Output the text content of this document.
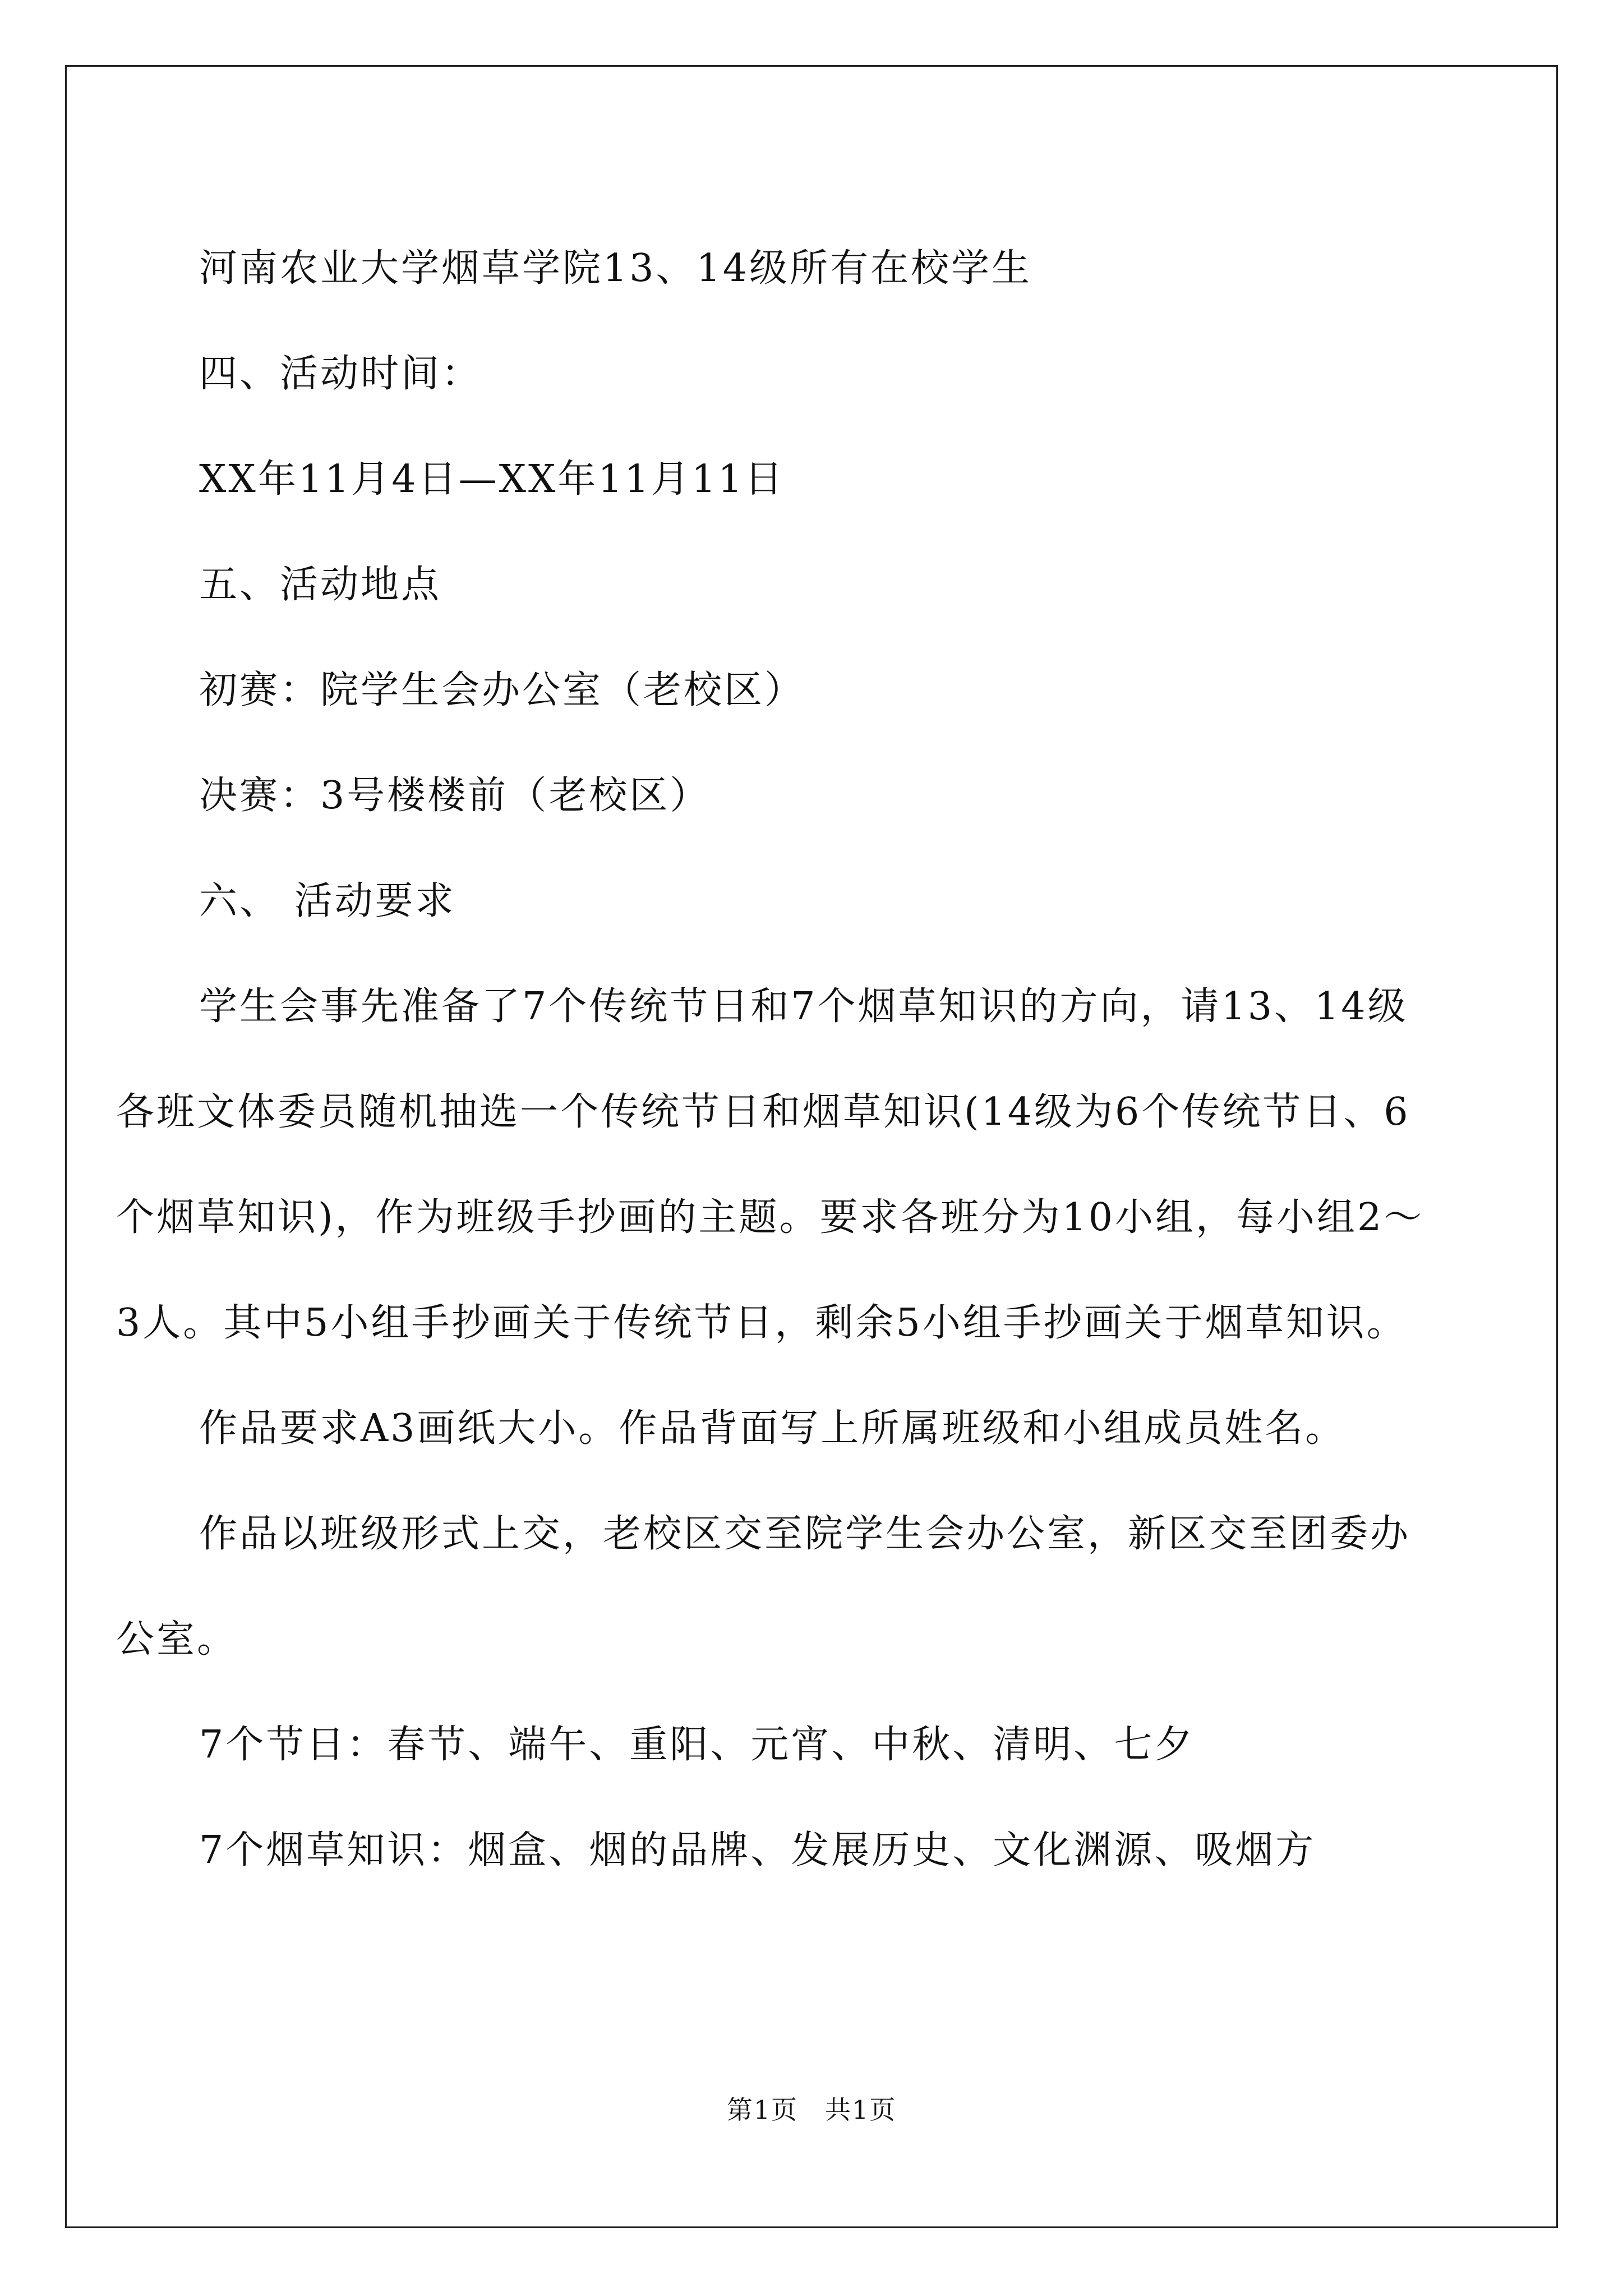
河南农业大学烟草学院13、14级所有在校学生

四、活动时间：

XX年11月4日—XX年11月11日

五、活动地点

初赛：院学生会办公室（老校区）

决赛：3号楼楼前（老校区）

六、 活动要求

学生会事先准备了7个传统节日和7个烟草知识的方向，请13、14级各班文体委员随机抽选一个传统节日和烟草知识(14级为6个传统节日、6个烟草知识)，作为班级手抄画的主题。要求各班分为10小组，每小组2～3人。其中5小组手抄画关于传统节日，剩余5小组手抄画关于烟草知识。

作品要求A3画纸大小。作品背面写上所属班级和小组成员姓名。

作品以班级形式上交，老校区交至院学生会办公室，新区交至团委办公室。

7个节日：春节、端午、重阳、元宵、中秋、清明、七夕

7个烟草知识：烟盒、烟的品牌、发展历史、文化渊源、吸烟方

第1页　共1页
